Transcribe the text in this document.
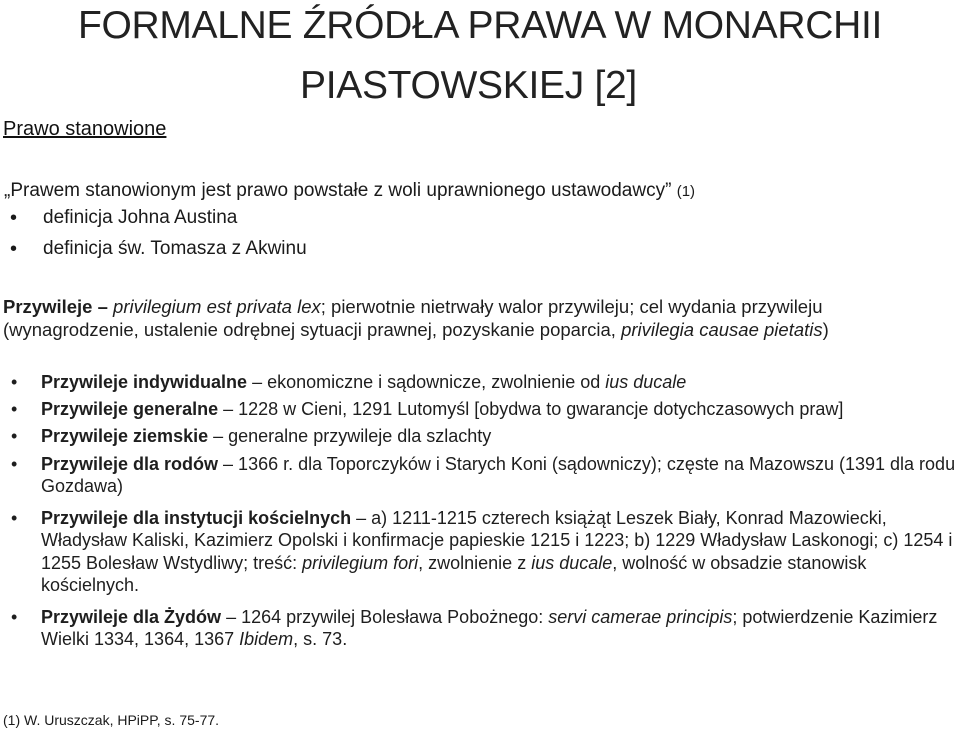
FORMALNE ŹRÓDŁA PRAWA W MONARCHII
PIASTOWSKIEJ [2]
Prawo stanowione
„Prawem stanowionym jest prawo powstałe z woli uprawnionego ustawodawcy” (1)
• definicja Johna Austina
• definicja św. Tomasza z Akwinu
Przywileje – privilegium est privata lex; pierwotnie nietrwały walor przywileju; cel wydania przywileju (wynagrodzenie, ustalenie odrębnej sytuacji prawnej, pozyskanie poparcia, privilegia causae pietatis)
• Przywileje indywidualne – ekonomiczne i sądownicze, zwolnienie od ius ducale
• Przywileje generalne – 1228 w Cieni, 1291 Lutomyśl [obydwa to gwarancje dotychczasowych praw]
• Przywileje ziemskie – generalne przywileje dla szlachty
• Przywileje dla rodów – 1366 r. dla Toporczyków i Starych Koni (sądowniczy); częste na Mazowszu (1391 dla rodu Gozdawa)
• Przywileje dla instytucji kościelnych – a) 1211-1215 czterech książąt Leszek Biały, Konrad Mazowiecki, Władysław Kaliski, Kazimierz Opolski i konfirmacje papieskie 1215 i 1223; b) 1229 Władysław Laskonogi; c) 1254 i 1255 Bolesław Wstydliwy; treść: privilegium fori, zwolnienie z ius ducale, wolność w obsadzie stanowisk kościelnych.
• Przywileje dla Żydów – 1264 przywilej Bolesława Pobożnego: servi camerae principis; potwierdzenie Kazimierz Wielki 1334, 1364, 1367 Ibidem, s. 73.
(1) W. Uruszczak, HPiPP, s. 75-77.
